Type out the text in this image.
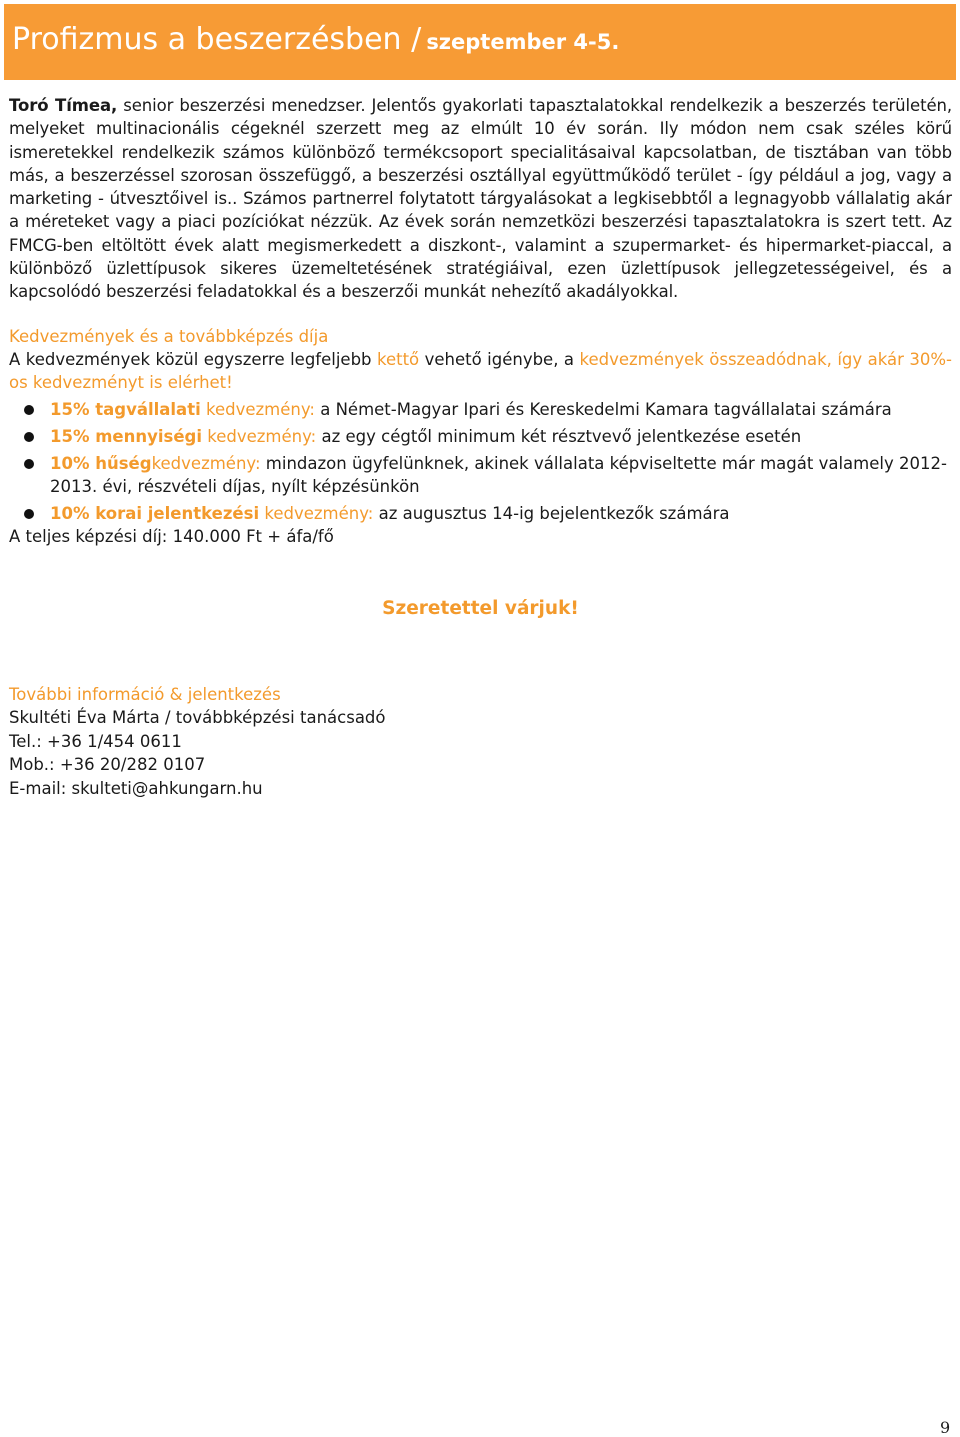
Profizmus a beszerzésben / szeptember 4-5.

Toró Tímea, senior beszerzési menedzser. Jelentős gyakorlati tapasztalatokkal rendelkezik a beszerzés területén, melyeket multinacionális cégeknél szerzett meg az elmúlt 10 év során. Ily módon nem csak széles körű ismeretekkel rendelkezik számos különböző termékcsoport specialitásaival kapcsolatban, de tisztában van több más, a beszerzéssel szorosan összefüggő, a beszerzési osztállyal együttműködő terület - így például a jog, vagy a marketing - útvesztőivel is.. Számos partnerrel folytatott tárgyalásokat a legkisebbtől a legnagyobb vállalatig akár a méreteket vagy a piaci pozíciókat nézzük. Az évek során nemzetközi beszerzési tapasztalatokra is szert tett. Az FMCG-ben eltöltött évek alatt megismerkedett a diszkont-, valamint a szupermarket- és hipermarket-piaccal, a különböző üzlettípusok sikeres üzemeltetésének stratégiáival, ezen üzlettípusok jellegzetességeivel, és a kapcsolódó beszerzési feladatokkal és a beszerzői munkát nehezítő akadályokkal.

Kedvezmények és a továbbképzés díja

A kedvezmények közül egyszerre legfeljebb kettő vehető igénybe, a kedvezmények összeadódnak, így akár 30%-os kedvezményt is elérhet!

15% tagvállalati kedvezmény: a Német-Magyar Ipari és Kereskedelmi Kamara tagvállalatai számára
15% mennyiségi kedvezmény: az egy cégtől minimum két résztvevő jelentkezése esetén
10% hűségkedvezmény: mindazon ügyfelünknek, akinek vállalata képviseltette már magát valamely 2012-2013. évi, részvételi díjas, nyílt képzésünkön
10% korai jelentkezési kedvezmény: az augusztus 14-ig bejelentkezők számára

A teljes képzési díj: 140.000 Ft + áfa/fő

Szeretettel várjuk!

További információ & jelentkezés

Skultéti Éva Márta / továbbképzési tanácsadó

Tel.: +36 1/454 0611

Mob.: +36 20/282 0107

E-mail: skulteti@ahkungarn.hu

9
